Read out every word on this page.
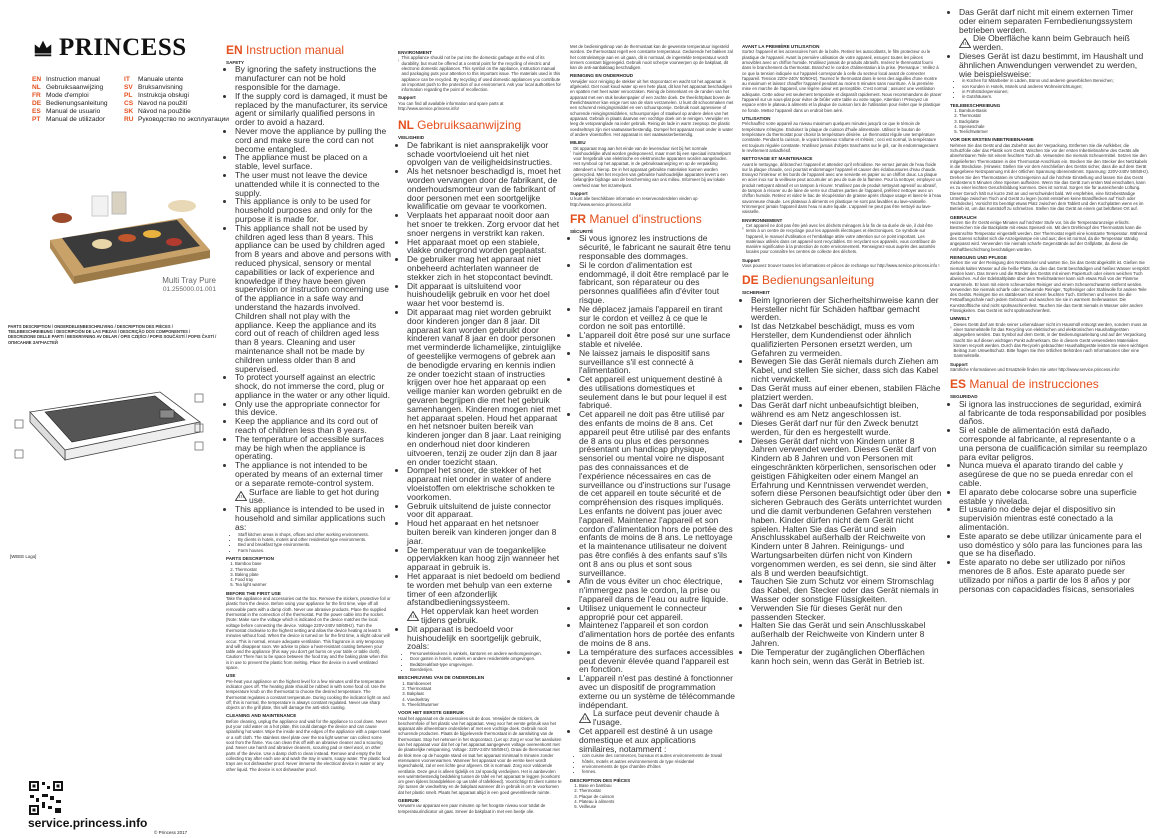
PRINCESS
EN Instruction manual	IT Manuale utente
NL Gebruiksaanwijzing	SV Bruksanvisning
FR Mode d'emploi	PL Instrukcja obsługi
DE Bedienungsanleitung	CS Navod na použití
ES Manual de usuario	SK Návod na použitie
PT Manual de utilizador	RU Руководство по эксплуатации
Multi Tray Pure
01.255000.01.001
PARTS DESCRIPTION / ONDERDELENBESCHRIJVING / DESCRIPTION DES PIÈCES / TEILEBESCHREIBUNG / DESCRIPCIÓN DE LAS PIEZAS / DESCRIÇÃO DOS COMPONENTES / DESCRIZIONE DELLE PARTI / BESKRIVNING AV DELAR / OPIS CZĘŚCI / POPIS SOUČÁSTÍ / POPIS ČASTÍ / ОПИСАНИЕ ЗАПЧАСТЕЙ
[WEEE Logo]
service.princess.info
© Princess 2017
EN Instruction manual
SAFETY
• By ignoring the safety instructions the manufacturer can not be hold responsible for the damage.
• If the supply cord is damaged, it must be replaced by the manufacturer, its service agent or similarly qualified persons in order to avoid a hazard.
• Never move the appliance by pulling the cord and make sure the cord can not become entangled.
• The appliance must be placed on a stable, level surface.
• The user must not leave the device unattended while it is connected to the supply.
• This appliance is only to be used for household purposes and only for the purpose it is made for.
• This appliance shall not be used by children aged less than 8 years. This appliance can be used by children aged from 8 years and above and persons with reduced physical, sensory or mental capabilities or lack of experience and knowledge if they have been given supervision or instruction concerning use of the appliance in a safe way and understand the hazards involved. Children shall not play with the appliance. Keep the appliance and its cord out of reach of children aged less than 8 years. Cleaning and user maintenance shall not be made by children unless older than 8 and supervised.
• To protect yourself against an electric shock, do not immerse the cord, plug or appliance in the water or any other liquid.
• Only use the appropriate connector for this device.
• Keep the appliance and its cord out of reach of children less than 8 years.
• The temperature of accessible surfaces may be high when the appliance is operating.
• The appliance is not intended to be operated by means of an external timer or a separate remote-control system.
Surface are liable to get hot during use.
• This appliance is intended to be used in household and similar applications such as:
• Staff kitchen areas in shops, offices and other working environments.
• By clients in hotels, motels and other residential type environments.
• Bed and breakfast type environments.
• Farm houses.
PARTS DESCRIPTION
1. Bamboo base
2. Thermostat
3. Baking plate
4. Food tray
5. Tea light warmer
BEFORE THE FIRST USE

Take the appliance and accessories out the box. Remove the stickers, protective foil or plastic from the device. Before using your appliance for the first time, wipe off all removable parts with a damp cloth. Never use abrasive products. Place the supplied thermostat in the connection of the thermostat. Put the power cable into the socket. (Note: Make sure the voltage which is indicated on the device matches the local voltage before connecting the device. Voltage 220V-240V 50/60Hz). Turn the thermostat clockwise to the highest setting and allow the device heating at least 5 minutes without food. When the device is turned on for the first time, a slight odour will occur. This is normal, ensure adequate ventilation. This fragrance is only temporary and will disappear soon. We advise to place a heat-resistant coating between your table and the appliance (this way you don't get burns on your table or table cloth). Caution! There has to be space between the food tray and the baking plate when this is in use to prevent the plastic from melting. Place the device in a well ventilated space.

USE

Pre-heat your appliance on the highest level for a few minutes until the temperature indicator goes off. The heating plate should be rubbed in with some food oil. Use the temperature knob on the thermostat to choose the desired temperature. The thermostat regulates a constant temperature. During cooking the indicator light on and off; this is normal, the temperature is always constant regulated. Never use sharp objects on the grill plate, this will damage the anti-stick coating.

CLEANING AND MAINTENANCE

Before cleaning, unplug the appliance and wait for the appliance to cool down. Never put your cold water on a hot plate, this could damage the device and can cause splashing hot water. Wipe the inside and the edges of the appliance with a paper towel or a soft cloth. The stainless steel plate over the tea light warmer can collect some soot from the flame. You can clean this off with an abrasive cleaner and a scouring pad. Never use harsh and abrasive cleaners, scouring pad or steel wool, on other parts of the device. Use a damp cloth to clean instead. Remove and empty the fat collecting tray after each use and wash the tray in warm, soapy water. The plastic food trays are not dishwasher proof. Never immerse the electrical device in water or any other liquid. The device is not dishwasher proof.

ENVIRONMENT

This appliance should not be put into the domestic garbage at the end of its durability, but must be offered at a central point for the recycling of electric and electronic domestic appliances. This symbol on the appliance, instruction manual and packaging puts your attention to this important issue. The materials used in this appliance can be recycled. By recycling of used domestic appliances you contribute an important push to the protection of our environment. Ask your local authorities for information regarding the point of recollection.

Support

You can find all available information and spare parts at http://www.service.princess.info!

NL Gebruiksaanwijzing
VEILIGHEID
• De fabrikant is niet aansprakelijk voor schade voortvloeiend uit het niet opvolgen van de veiligheidsinstructies.
• Als het netsnoer beschadigd is, moet het worden vervangen door de fabrikant, de onderhoudsmonteur van de fabrikant of door personen met een soortgelijke kwalificatie om gevaar te voorkomen.
• Verplaats het apparaat nooit door aan het snoer te trekken. Zorg ervoor dat het snoer nergens in verstrikt kan raken.
• Het apparaat moet op een stabiele, vlakke ondergrond worden geplaatst.
• De gebruiker mag het apparaat niet onbeheerd achterlaten wanneer de stekker zich in het stopcontact bevindt.
• Dit apparaat is uitsluitend voor huishoudelijk gebruik en voor het doel waar het voor bestemd is.
• Dit apparaat mag niet worden gebruikt door kinderen jonger dan 8 jaar. Dit apparaat kan worden gebruikt door kinderen vanaf 8 jaar en door personen met verminderde lichamelijke, zintuiglijke of geestelijke vermogens of gebrek aan de benodigde ervaring en kennis indien ze onder toezicht staan of instructies krijgen over hoe het apparaat op een veilige manier kan worden gebruikt en de gevaren begrijpen die met het gebruik samenhangen. Kinderen mogen niet met het apparaat spelen. Houd het apparaat en het netsnoer buiten bereik van kinderen jonger dan 8 jaar. Laat reiniging en onderhoud niet door kinderen uitvoeren, tenzij ze ouder zijn dan 8 jaar en onder toezicht staan.
• Dompel het snoer, de stekker of het apparaat niet onder in water of andere vloeistoffen om elektrische schokken te voorkomen.
• Gebruik uitsluitend de juiste connector voor dit apparaat.
• Houd het apparaat en het netsnoer buiten bereik van kinderen jonger dan 8 jaar.
• De temperatuur van de toegankelijke oppervlakken kan hoog zijn wanneer het apparaat in gebruik is.
• Het apparaat is niet bedoeld om bediend te worden met behulp van een externe timer of een afzonderlijk afstandbedieningssysteem.
Het oppervlak kan heet worden tijdens gebruik.
• Dit apparaat is bedoeld voor huishoudelijk en soortgelijk gebruik, zoals:
• Personeelskeukens in winkels, kantoren en andere werkomgevingen.
• Door gasten in hotels, motels en andere residentiële omgevingen.
• Bed&breakfast-type omgevingen.
• Boerderijen.
BESCHRIJVING VAN DE ONDERDELEN
1. Bamboevoet
2. Thermostaat
3. Bakplaat
4. Voedseltray
5. Theelichtwarmer
VOOR HET EERSTE GEBRUIK

Haal het apparaat en de accessoires uit de doos. Verwijder de stickers, de beschermfolie of het plastic van het apparaat. Veeg voor het eerste gebruik van het apparaat alle afneembare onderdelen af met een vochtige doek. Gebruik nooit schurende producten. Plaats de bijgeleverde thermostaat in de aansluiting van de thermostaat. Stop het netsnoer in het stopcontact. (Let op: Zorg er voor het aansluiten van het apparaat voor dat het op het apparaat aangegeven voltage overeenkomt met de plaatselijke netspanning. Voltage: 220V-240V 50/60Hz). Draai de thermostaat met de klok mee op de hoogste stand en laat het apparaat minimaal 5 minuten zonder etenswaren voorverwarmen. Wanneer het apparaat voor de eerste keer wordt ingeschakeld, zal er een lichte geur afgeven. Dit is normaal. Zorg voor voldoende ventilatie. Deze geur is alleen tijdelijk en zal spoedig verdwijnen. Het is aanbevolen een warmtebestendig beddeking tussen de tafel en het apparaat te leggen (voorkomt om geen tijdens brandplekken op uw tafel of tafelkleed). Voorzichtig! Er dient ruimte te zijn tussen de voedseltray en de bakplaat wanneer dit in gebruik is om te voorkomen dat het plastic smelt. Plaats het apparaat altijd in een goed geventileerde ruimte.

GEBRUIK

Verwarm uw apparaat een paar minuten op het hoogste niveau voor totdat de temperatuurindicator uit gaat. Smeer de bakplaat in met een beetje olie.

Met de bedieningsknop van de thermostaat kan de gewenste temperatuur ingesteld worden. De thermostaat regelt een constante temperatuur. Gedurende het bakken zal het controlelampje aan en uit gaan, dit is normaal, de ingestelde temperatuur wordt immers constant bijgeregeld. Gebruik nooit scherpe voorwerpen op de bakplaat, dit kan de anti-aanbaklaag beschadigen.

REINIGING EN ONDERHOUD

Verwijder voor reiniging de stekker uit het stopcontact en wacht tot het apparaat is afgekoeld. Giet nooit koud water op een hete plaat, dit kan het apparaat beschadigen en spatten met heet water veroorzaken. Reinig de binnenkant en de randen van het apparaat met een stuk keukenpapier of een zachte doek. De theelichtplaat boven de theelichtwarmer kan enige roet van de vlam verzamelen. U kunt dit schoonmaken met een schurend reinigingsmiddel en een schuursponsje. Gebruik nooit agressieve of schurende reinigingsmiddelen, schuursponsjes of staalwol op andere delen van het apparaat. Gebruik in plaats daarvan een vochtige doek om te reinigen. Verwijder en leeg de vetopvanglade na ieder gebruik. Reinig de lade in warm zeepsop. De plastic voedseltrays zijn niet vaatwasserbestendig. Dompel het apparaat nooit onder in water of andere vloeistoffen. Het apparaat is niet vaatwasserbestendig.

MILIEU

Dit apparaat mag aan het einde van de levensduur niet bij het normale huishoudelijke afval worden gedeponeerd, maar moet bij een speciaal inzamelpunt voor hergebruik van elektrische en elektronische apparaten worden aangeboden. Het symbool op het apparaat, in de gebruiksaanwijzing en op de verpakking attendeert u hierop. De in het apparaat gebruikte materialen kunnen worden gerecycled. Met het recyclen van gebruikte huishoudelijke apparaten levert u een belangrijke bijdrage aan de bescherming van ons milieu. Informeer bij uw lokale overheid naar het inzamelpunt.

Support

U kunt alle beschikbare informatie en reserveonderdelen vinden op http://www.service.princess.info!

FR Manuel d'instructions
SÉCURITÉ
• Si vous ignorez les instructions de sécurité, le fabricant ne saurait être tenu responsable des dommages.
• Si le cordon d'alimentation est endommagé, il doit être remplacé par le fabricant, son réparateur ou des personnes qualifiées afin d'éviter tout risque.
• Ne déplacez jamais l'appareil en tirant sur le cordon et veillez à ce que le cordon ne soit pas entortillé.
• L'appareil doit être posé sur une surface stable et nivelée.
• Ne laissez jamais le dispositif sans surveillance s'il est connecté à l'alimentation.
• Cet appareil est uniquement destiné à des utilisations domestiques et seulement dans le but pour lequel il est fabriqué.
• Cet appareil ne doit pas être utilisé par des enfants de moins de 8 ans. Cet appareil peut être utilisé par des enfants de 8 ans ou plus et des personnes présentant un handicap physique, sensoriel ou mental voire ne disposant pas des connaissances et de l'expérience nécessaires en cas de surveillance ou d'instructions sur l'usage de cet appareil en toute sécurité et de compréhension des risques impliqués. Les enfants ne doivent pas jouer avec l'appareil. Maintenez l'appareil et son cordon d'alimentation hors de portée des enfants de moins de 8 ans. Le nettoyage et la maintenance utilisateur ne doivent pas être confiés à des enfants sauf s'ils ont 8 ans ou plus et sont sous surveillance.
• Afin de vous éviter un choc électrique, n'immergez pas le cordon, la prise ou l'appareil dans de l'eau ou autre liquide.
• Utilisez uniquement le connecteur approprié pour cet appareil.
• Maintenez l'appareil et son cordon d'alimentation hors de portée des enfants de moins de 8 ans.
• La température des surfaces accessibles peut devenir élevée quand l'appareil est en fonction.
• L'appareil n'est pas destiné à fonctionner avec un dispositif de programmation externe ou un système de télécommande indépendant.
La surface peut devenir chaude à l'usage.
• Cet appareil est destiné à un usage domestique et aux applications similaires, notamment :
• coin cuisine des commerces, bureaux et autres environnements de travail
• hôtels, motels et autres environnements de type résidentiel
• environnements de type chambre d'hôtes
• fermes.
DESCRIPTION DES PIÈCES
1. Base en bambou
2. Thermostat
3. Plaque de cuisson
4. Plateau à aliments
5. Veilleuse
AVANT LA PREMIÈRE UTILISATION

Sortez l'appareil et les accessoires hors de la boîte. Retirez les autocollants, le film protecteur ou le plastique de l'appareil. Avant la première utilisation de votre appareil, essuyez toutes les pièces amovibles avec un chiffon humide. N'utilisez jamais de produits abrasifs. Insérez le thermostat fourni dans le branchement du thermostat. Branchez le cordon d'alimentation à la prise. (Remarque : Veillez à ce que la tension indiquée sur l'appareil corresponde à celle du secteur local avant de connecter l'appareil. Tension 220V-240V 50/60Hz). Tournez le thermostat dans le sens des aiguilles d'une montre au maximum et laissez chauffer l'appareil pendant au moins 5 minutes sans nourriture. À la première mise en marche de l'appareil, une légère odeur est perceptible. C'est normal ; assurez une ventilation adéquate. Cette odeur est seulement temporaire et disparaît rapidement. Nous recommandons de placer l'appareil sur un sous-plat pour éviter de brûler votre table ou votre nappe. Attention ! Prévoyez un espace entre le plateau à aliments et la plaque de cuisson lors de l'utilisation pour éviter que le plastique ne fonde. Mettez l'appareil dans un endroit bien aéré.

UTILISATION

Préchauffez votre appareil au niveau maximum quelques minutes jusqu'à ce que le témoin de température s'éteigne. Enduisez la plaque de cuisson d'huile alimentaire. Utilisez le bouton de température du thermostat pour choisir la température désirée. Le thermostat régule une température constante. Pendant la cuisson, le voyant lumineux s'allume et s'éteint ; ceci est normal, la température est toujours régulée constante. N'utilisez jamais d'objets tranchants sur le gril, car ils endommageraient le revêtement antiadhésif.

NETTOYAGE ET MAINTENANCE

Avant le nettoyage, débranchez l'appareil et attendez qu'il refroidisse. Ne versez jamais de l'eau froide sur la plaque chaude, ceci pourrait endommager l'appareil et causer des éclaboussures d'eau chaude. Essuyez l'intérieur et les bords de l'appareil avec une serviette en papier ou un chiffon doux. La plaque en acier inox sur la veilleuse peut accumuler un peu de suie de la flamme. Pour la nettoyer, employez un produit nettoyant abrasif et un tampon à récurer. N'utilisez pas de produit nettoyant agressif ou abrasif, de tampon à récurer ou de laine de verre sur d'autres parties de l'appareil, préférez nettoyer avec un chiffon humide. Retirez et videz le bac de récupération de graisse après chaque usage et lavez-le à l'eau savonneuse chaude. Les plateaux à aliments en plastique ne sont pas lavables au lave-vaisselle. N'immergez jamais l'appareil dans l'eau ni autre liquide. L'appareil ne peut pas être nettoyé au lave-vaisselle.

ENVIRONNEMENT

Cet appareil ne doit pas être jeté avec les déchets ménagers à la fin de sa durée de vie, il doit être remis à un centre de recyclage pour les appareils électriques et électroniques. Ce symbole sur l'appareil, le manuel d'utilisation et l'emballage attire votre attention sur ce point important. Les matériaux utilisés dans cet appareil sont recyclables. En recyclant vos appareils, vous contribuez de manière significative à la protection de notre environnement. Renseignez-vous auprès des autorités locales pour connaître les centres de collecte des déchets.

Support

Vous pouvez trouver toutes les informations et pièces de rechange sur http://www.service.princess.info !

DE Bedienungsanleitung
SICHERHEIT
• Beim Ignorieren der Sicherheitshinweise kann der Hersteller nicht für Schäden haftbar gemacht werden.
• Ist das Netzkabel beschädigt, muss es vom Hersteller, dem Kundendienst oder ähnlich qualifizierten Personen ersetzt werden, um Gefahren zu vermeiden.
• Bewegen Sie das Gerät niemals durch Ziehen am Kabel, und stellen Sie sicher, dass sich das Kabel nicht verwickelt.
• Das Gerät muss auf einer ebenen, stabilen Fläche platziert werden.
• Das Gerät darf nicht unbeaufsichtigt bleiben, während es am Netz angeschlossen ist.
• Dieses Gerät darf nur für den Zweck benutzt werden, für den es hergestellt wurde.
• Dieses Gerät darf nicht von Kindern unter 8 Jahren verwendet werden. Dieses Gerät darf von Kindern ab 8 Jahren und von Personen mit eingeschränkten körperlichen, sensorischen oder geistigen Fähigkeiten oder einem Mangel an Erfahrung und Kenntnissen verwendet werden, sofern diese Personen beaufsichtigt oder über den sicheren Gebrauch des Geräts unterrichtet wurden und die damit verbundenen Gefahren verstehen haben. Kinder dürfen nicht dem Gerät nicht spielen. Halten Sie das Gerät und sein Anschlusskabel außerhalb der Reichweite von Kindern unter 8 Jahren. Reinigungs- und Wartungsarbeiten dürfen nicht von Kindern vorgenommen werden, es sei denn, sie sind älter als 8 und werden beaufsichtigt.
• Tauchen Sie zum Schutz vor einem Stromschlag das Kabel, den Stecker oder das Gerät niemals in Wasser oder sonstige Flüssigkeiten.
• Verwenden Sie für dieses Gerät nur den passenden Stecker.
• Halten Sie das Gerät und sein Anschlusskabel außerhalb der Reichweite von Kindern unter 8 Jahren.
• Die Temperatur der zugänglichen Oberflächen kann hoch sein, wenn das Gerät in Betrieb ist.
• Das Gerät darf nicht mit einem externen Timer oder einem separaten Fernbedienungssystem betrieben werden.
Die Oberfläche kann beim Gebrauch heiß werden.
• Dieses Gerät ist dazu bestimmt, im Haushalt und ähnlichen Anwendungen verwendet zu werden, wie beispielsweise:
• in Küchen für Mitarbeiter in Läden, Büros und anderen gewerblichen Bereichen;
• von Kunden in Hotels, Motels und anderen Wohneinrichtungen;
• in Frühstückspensionen;
• in Gutshäusern.
TEILEBESCHREIBUNG
1. Bambus-Basis
2. Thermostat
3. Backplatte
4. Speiseschale
5. Teelichtwärmer
VOR DER ERSTEN INBETRIEBNAHME

Nehmen Sie das Gerät und das Zubehör aus der Verpackung. Entfernen Sie die Aufkleber, die Schutzfolie oder das Plastik vom Gerät. Wischen Sie vor der ersten Inbetriebnahme des Geräts alle abnehmbaren Teile mit einem feuchten Tuch ab. Verwenden Sie niemals Scheuermittel. Setzen Sie den mitgelieferten Thermostaten in den Thermostat-Anschluss ein. Stecken Sie den Stecker des Netzkabels in die Steckdose. (Hinweis: Stellen Sie vor dem Anschließen des Geräts sicher, dass die auf dem Gerät angegebene Netzspannung mit der örtlichen Spannung übereinstimmt. Spannung: 220V-240V 50/60Hz). Drehen Sie den Thermostaten im Uhrzeigersinn auf die höchste Einstellung und lassen Sie das Gerät mindestens 5 Minuten ohne Speisen aufheizen. Wenn Sie das Gerät zum ersten Mal einschalten, kann es zu einer leichten Geruchsbildung kommen. Dies ist normal. Sorgen Sie für ausreichende Lüftung. Dieser Geruch hält nur kurze Zeit an und verschwindet bald. Wir empfehlen, eine hitzebeständige Unterlage zwischen Tisch und Gerät zu legen (somit entstehen keine Brandflecken auf Tisch oder Tischdecke). Vorsicht! Es benötigt etwas Platz zwischen dem Tablett und den Kochplatten wenn es im Betrieb ist, um das Kunststoff zu schmelzen. Stellen Sie das Gerät an einem gut belüfteten Ort auf.

GEBRAUCH

Heizen Sie Ihr Gerät einige Minuten auf höchster Stufe vor, bis die Temperaturanzeige erlischt. Bestreichen Sie die Backplatte mit etwas Speiseöl ein. Mit dem Drehknopf des Thermostats kann die gewünschte Temperatur eingestellt werden. Der Thermostat regelt eine konstante Temperatur. Während des Garens schaltet sich die Anzeigelampe ein und aus; dies ist normal, da die Temperatur ständig angepasst wird. Verwenden Sie niemals scharfe Gegenstände auf der Grillplatte, da diese die Antihaftbeschichtung beschädigen würden.

REINIGUNG UND PFLEGE

Ziehen Sie vor der Reinigung den Netzstecker und warten Sie, bis das Gerät abgekühlt ist. Gießen Sie niemals kaltes Wasser auf die heiße Platte, da dies das Gerät beschädigen und heißes Wasser verspritzt werden kann. Das Innere und die Ränder des Geräts mit einem Papiertuch oder einem weichen Tuch abwischen. Auf der Edelstahlplatte über dem Teelichtwärmer kann sich etwas Ruß von der Flamme ansammeln. Er kann mit einem scheuernden Reiniger und einem Scheuerschwamm entfernt werden. Verwenden Sie niemals scharfe oder scheuernde Reiniger, Topfreiniger oder Stahlwolle für andere Teile des Geräts. Reinigen Sie es stattdessen mit einem feuchten Tuch. Entfernen und leeren Sie die Fettauffangschale nach jedem Gebrauch und waschen Sie sie in warmem Seifenwasser. Die Kunststofftische sind nicht spülmaschinenfest. Tauchen Sie das Gerät niemals in Wasser oder andere Flüssigkeiten. Das Gerät ist nicht spülmaschinenfest.

UMWELT

Dieses Gerät darf am Ende seiner Lebensdauer nicht im Hausmüll entsorgt werden, sondern muss an einer Sammelstelle für das Recycling von elektrischen und elektronischen Haushaltsgeräten abgegeben werden. Das Symbol auf dem Gerät, in der Bedienungsanleitung und auf der Verpackung macht Sie auf diesen wichtigen Punkt aufmerksam. Die in diesem Gerät verwendeten Materialien können recycelt werden. Durch das Recyceln gebrauchter Haushaltsgeräte leisten Sie einen wichtigen Beitrag zum Umweltschutz. Bitte fragen Sie Ihre örtlichen Behörden nach Informationen über eine Sammelstelle.

Support

Sämtliche Informationen und Ersatzteile finden Sie unter http://www.service.princess.info!

ES Manual de instrucciones
SEGURIDAD
• Si ignora las instrucciones de seguridad, eximirá al fabricante de toda responsabilidad por posibles daños.
• Si el cable de alimentación está dañado, corresponde al fabricante, al representante o a una persona de cualificación similar su reemplazo para evitar peligros.
• Nunca mueva el aparato tirando del cable y asegúrese de que no se pueda enredar con el cable.
• El aparato debe colocarse sobre una superficie estable y nivelada.
• El usuario no debe dejar el dispositivo sin supervisión mientras esté conectado a la alimentación.
• Este aparato se debe utilizar únicamente para el uso doméstico y sólo para las funciones para las que se ha diseñado.
• Este aparato no debe ser utilizado por niños menores de 8 años. Este aparato puede ser utilizado por niños a partir de los 8 años y por personas con capacidades físicas, sensoriales
